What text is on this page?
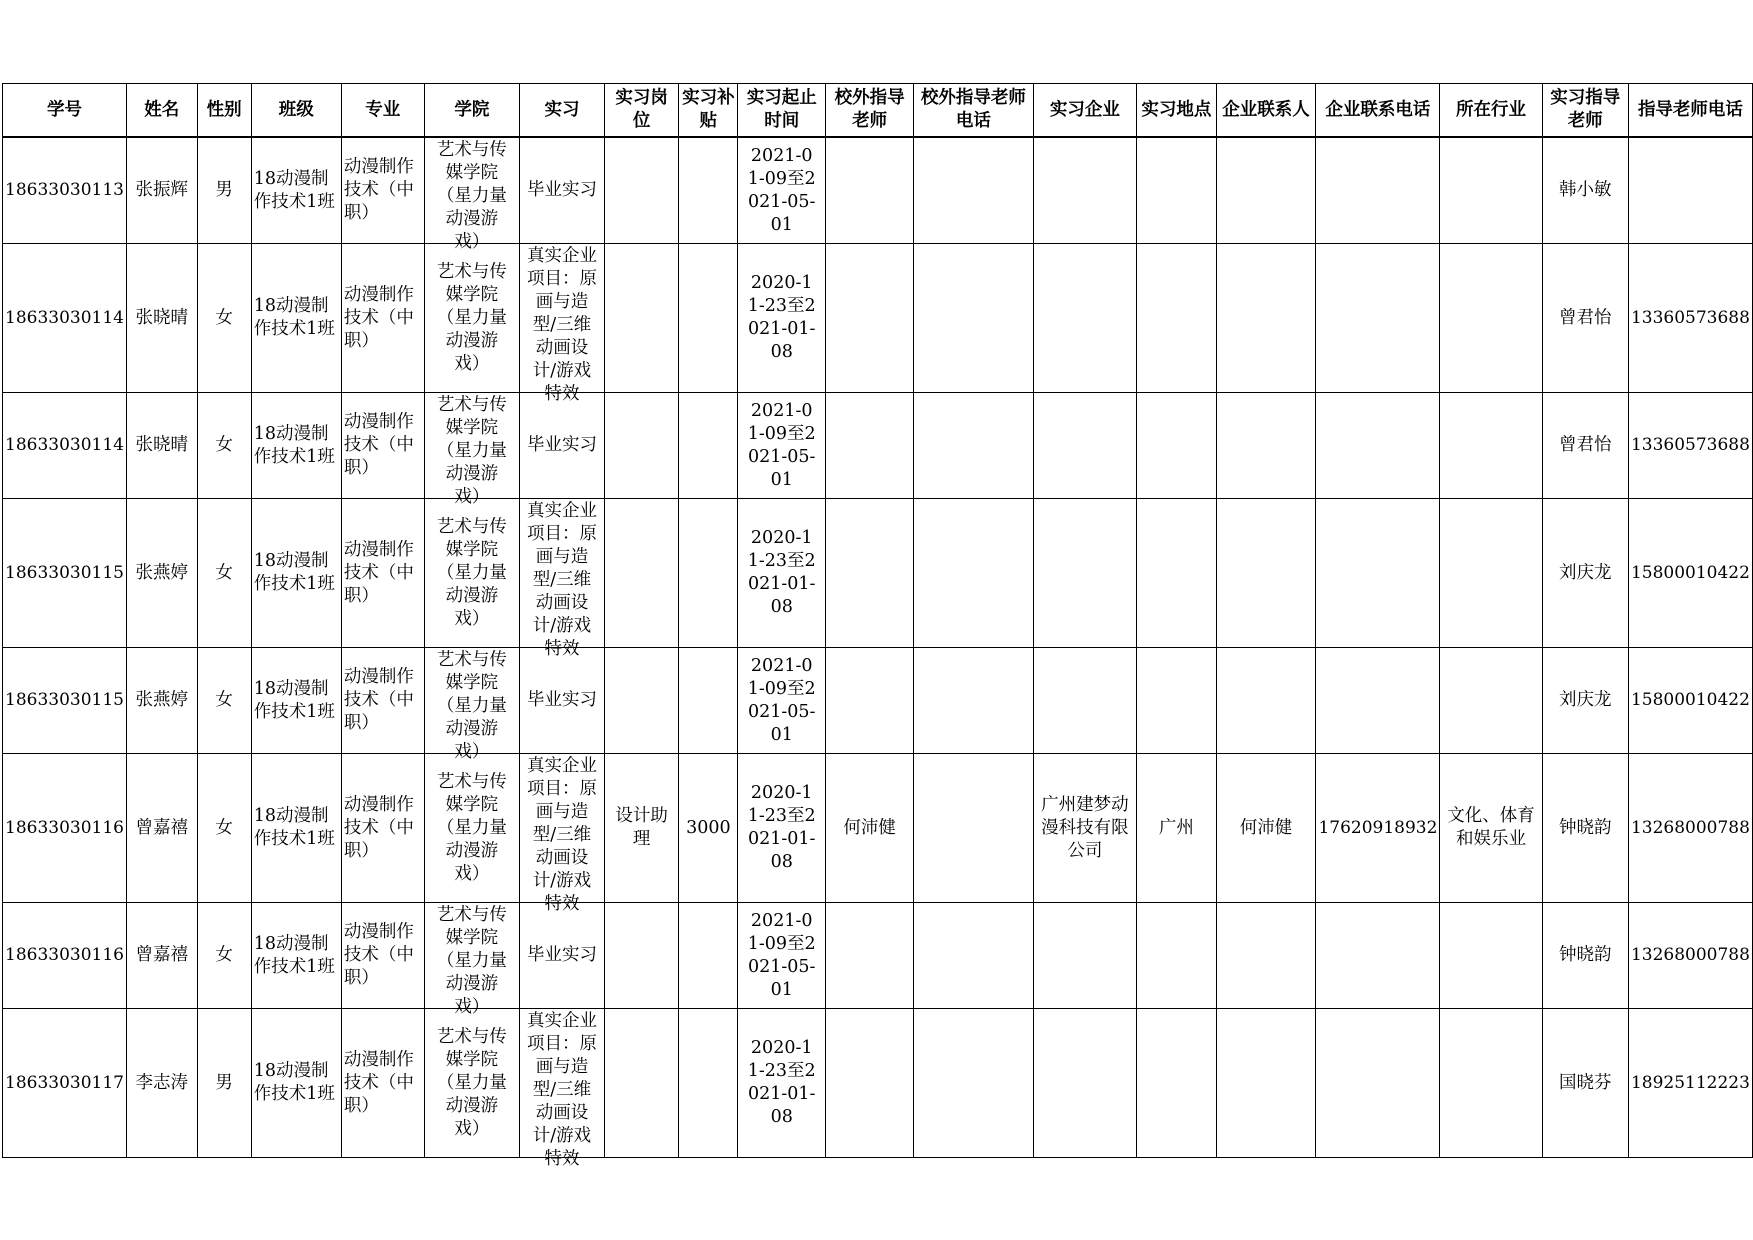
学号	姓名	性别	班级	专业	学院	实习	实习岗位	实习补贴	实习起止时间	校外指导老师	校外指导老师电话	实习企业	实习地点	企业联系人	企业联系电话	所在行业	实习指导老师	指导老师电话
18633030113	张振辉	男	18动漫制作技术1班	动漫制作技术（中职）	艺术与传媒学院（星力量动漫游戏）	毕业实习			2021-01-09至2021-05-01								韩小敏	
18633030114	张晓晴	女	18动漫制作技术1班	动漫制作技术（中职）	艺术与传媒学院（星力量动漫游戏）	真实企业项目：原画与造型/三维动画设计/游戏特效			2020-11-23至2021-01-08								曾君怡	13360573688
18633030114	张晓晴	女	18动漫制作技术1班	动漫制作技术（中职）	艺术与传媒学院（星力量动漫游戏）	毕业实习			2021-01-09至2021-05-01								曾君怡	13360573688
18633030115	张燕婷	女	18动漫制作技术1班	动漫制作技术（中职）	艺术与传媒学院（星力量动漫游戏）	真实企业项目：原画与造型/三维动画设计/游戏特效			2020-11-23至2021-01-08								刘庆龙	15800010422
18633030115	张燕婷	女	18动漫制作技术1班	动漫制作技术（中职）	艺术与传媒学院（星力量动漫游戏）	毕业实习			2021-01-09至2021-05-01								刘庆龙	15800010422
18633030116	曾嘉禧	女	18动漫制作技术1班	动漫制作技术（中职）	艺术与传媒学院（星力量动漫游戏）	真实企业项目：原画与造型/三维动画设计/游戏特效	设计助理	3000	2020-11-23至2021-01-08	何沛健		广州建梦动漫科技有限公司	广州	何沛健	17620918932	文化、体育和娱乐业	钟晓韵	13268000788
18633030116	曾嘉禧	女	18动漫制作技术1班	动漫制作技术（中职）	艺术与传媒学院（星力量动漫游戏）	毕业实习			2021-01-09至2021-05-01								钟晓韵	13268000788
18633030117	李志涛	男	18动漫制作技术1班	动漫制作技术（中职）	艺术与传媒学院（星力量动漫游戏）	真实企业项目：原画与造型/三维动画设计/游戏特效			2020-11-23至2021-01-08								国晓芬	18925112223
